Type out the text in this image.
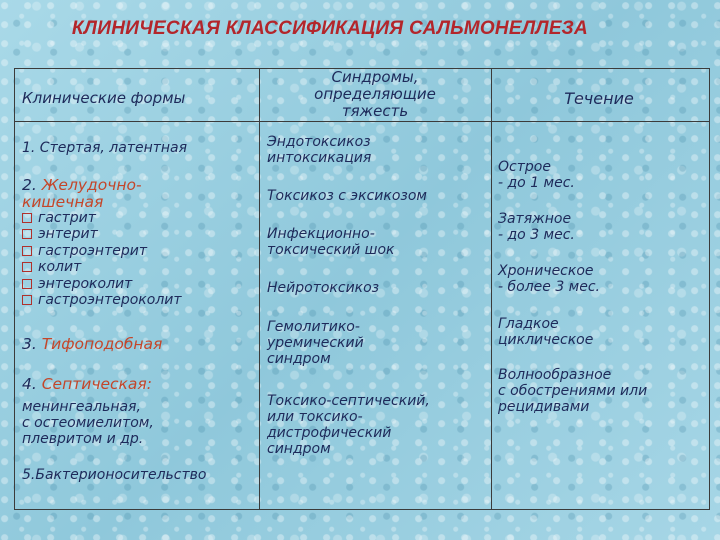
КЛИНИЧЕСКАЯ КЛАССИФИКАЦИЯ САЛЬМОНЕЛЛЕЗА
Клинические формы
Синдромы,
определяющие
тяжесть
Течение
1. Стертая, латентная
2. Желудочно-
кишечная
гастрит
энтерит
гастроэнтерит
колит
энтероколит
гастроэнтероколит
3. Тифоподобная
4. Септическая:
менингеальная,
с остеомиелитом,
плевритом и др.
5.Бактерионосительство
Эндотоксикоз
интоксикация
Токсикоз с эксикозом
Инфекционно-
токсический шок
Нейротоксикоз
Гемолитико-
уремический
синдром
Токсико-септический,
или токсико-
дистрофический
синдром
Острое
- до 1 мес.
Затяжное
- до 3 мес.
Хроническое
- более 3 мес.
Гладкое
циклическое
Волнообразное
с обострениями или
рецидивами
